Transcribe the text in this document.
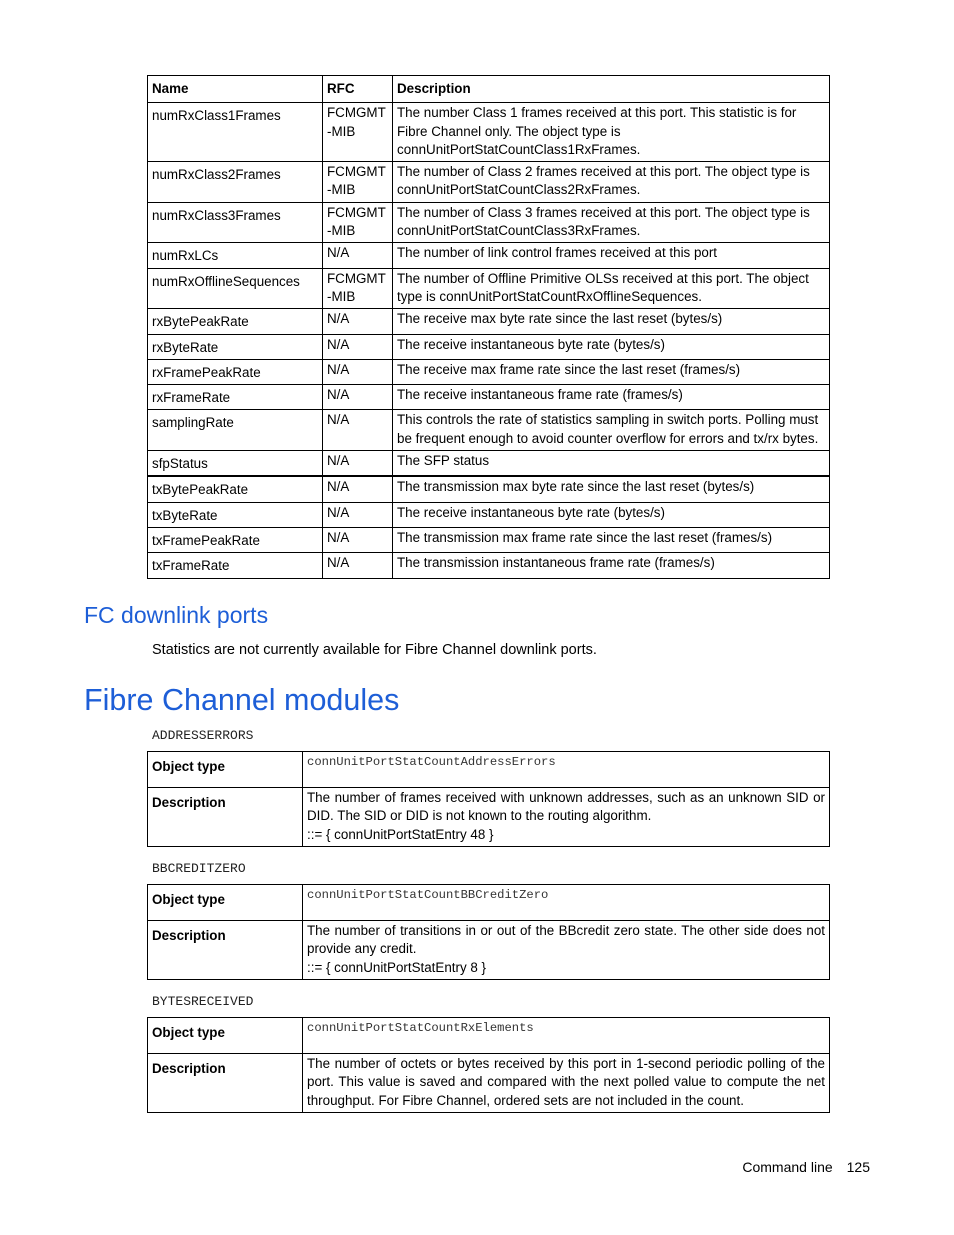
Name	RFC	Description
numRxClass1Frames	FCMGMT -MIB	The number Class 1 frames received at this port. This statistic is for Fibre Channel only. The object type is connUnitPortStatCountClass1RxFrames.
numRxClass2Frames	FCMGMT -MIB	The number of Class 2 frames received at this port. The object type is connUnitPortStatCountClass2RxFrames.
numRxClass3Frames	FCMGMT -MIB	The number of Class 3 frames received at this port. The object type is connUnitPortStatCountClass3RxFrames.
numRxLCs	N/A	The number of link control frames received at this port
numRxOfflineSequences	FCMGMT -MIB	The number of Offline Primitive OLSs received at this port. The object type is connUnitPortStatCountRxOfflineSequences.
rxBytePeakRate	N/A	The receive max byte rate since the last reset (bytes/s)
rxByteRate	N/A	The receive instantaneous byte rate (bytes/s)
rxFramePeakRate	N/A	The receive max frame rate since the last reset (frames/s)
rxFrameRate	N/A	The receive instantaneous frame rate (frames/s)
samplingRate	N/A	This controls the rate of statistics sampling in switch ports. Polling must be frequent enough to avoid counter overflow for errors and tx/rx bytes.
sfpStatus	N/A	The SFP status
txBytePeakRate	N/A	The transmission max byte rate since the last reset (bytes/s)
txByteRate	N/A	The receive instantaneous byte rate (bytes/s)
txFramePeakRate	N/A	The transmission max frame rate since the last reset (frames/s)
txFrameRate	N/A	The transmission instantaneous frame rate (frames/s)
FC downlink ports

Statistics are not currently available for Fibre Channel downlink ports.

Fibre Channel modules

ADDRESSERRORS

Object type	connUnitPortStatCountAddressErrors
Description	The number of frames received with unknown addresses, such as an unknown SID or DID. The SID or DID is not known to the routing algorithm.
::= { connUnitPortStatEntry 48 }

BBCREDITZERO

Object type	connUnitPortStatCountBBCreditZero
Description	The number of transitions in or out of the BBcredit zero state. The other side does not provide any credit.
::= { connUnitPortStatEntry 8 }

BYTESRECEIVED

Object type	connUnitPortStatCountRxElements
Description	The number of octets or bytes received by this port in 1-second periodic polling of the port. This value is saved and compared with the next polled value to compute the net throughput. For Fibre Channel, ordered sets are not included in the count.
Command line 125
